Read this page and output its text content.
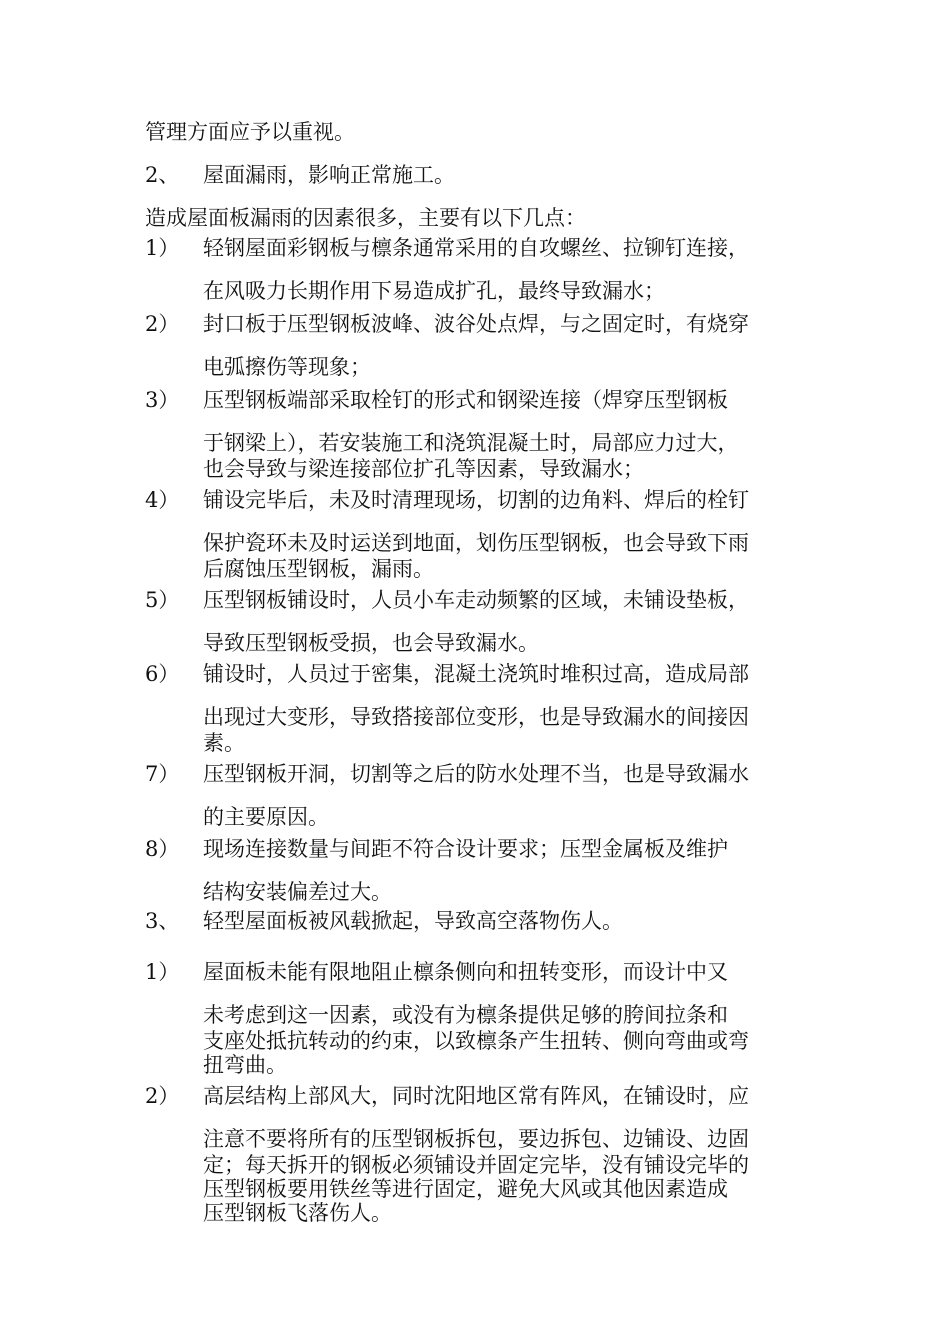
管理方面应予以重视。

2、 屋面漏雨，影响正常施工。

造成屋面板漏雨的因素很多，主要有以下几点：

1） 轻钢屋面彩钢板与檩条通常采用的自攻螺丝、拉铆钉连接，
在风吸力长期作用下易造成扩孔，最终导致漏水；
2） 封口板于压型钢板波峰、波谷处点焊，与之固定时，有烧穿
电弧擦伤等现象；
3） 压型钢板端部采取栓钉的形式和钢梁连接（焊穿压型钢板
于钢梁上），若安装施工和浇筑混凝土时，局部应力过大，
也会导致与梁连接部位扩孔等因素，导致漏水；
4） 铺设完毕后，未及时清理现场，切割的边角料、焊后的栓钉
保护瓷环未及时运送到地面，划伤压型钢板，也会导致下雨
后腐蚀压型钢板，漏雨。
5） 压型钢板铺设时，人员小车走动频繁的区域，未铺设垫板，
导致压型钢板受损，也会导致漏水。
6） 铺设时，人员过于密集，混凝土浇筑时堆积过高，造成局部
出现过大变形，导致搭接部位变形，也是导致漏水的间接因
素。
7） 压型钢板开洞，切割等之后的防水处理不当，也是导致漏水
的主要原因。
8） 现场连接数量与间距不符合设计要求；压型金属板及维护
结构安装偏差过大。
3、 轻型屋面板被风载掀起，导致高空落物伤人。
1） 屋面板未能有限地阻止檩条侧向和扭转变形，而设计中又
未考虑到这一因素，或没有为檩条提供足够的胯间拉条和
支座处抵抗转动的约束，以致檩条产生扭转、侧向弯曲或弯
扭弯曲。
2） 高层结构上部风大，同时沈阳地区常有阵风，在铺设时，应
注意不要将所有的压型钢板拆包，要边拆包、边铺设、边固
定；每天拆开的钢板必须铺设并固定完毕，没有铺设完毕的
压型钢板要用铁丝等进行固定，避免大风或其他因素造成
压型钢板飞落伤人。
